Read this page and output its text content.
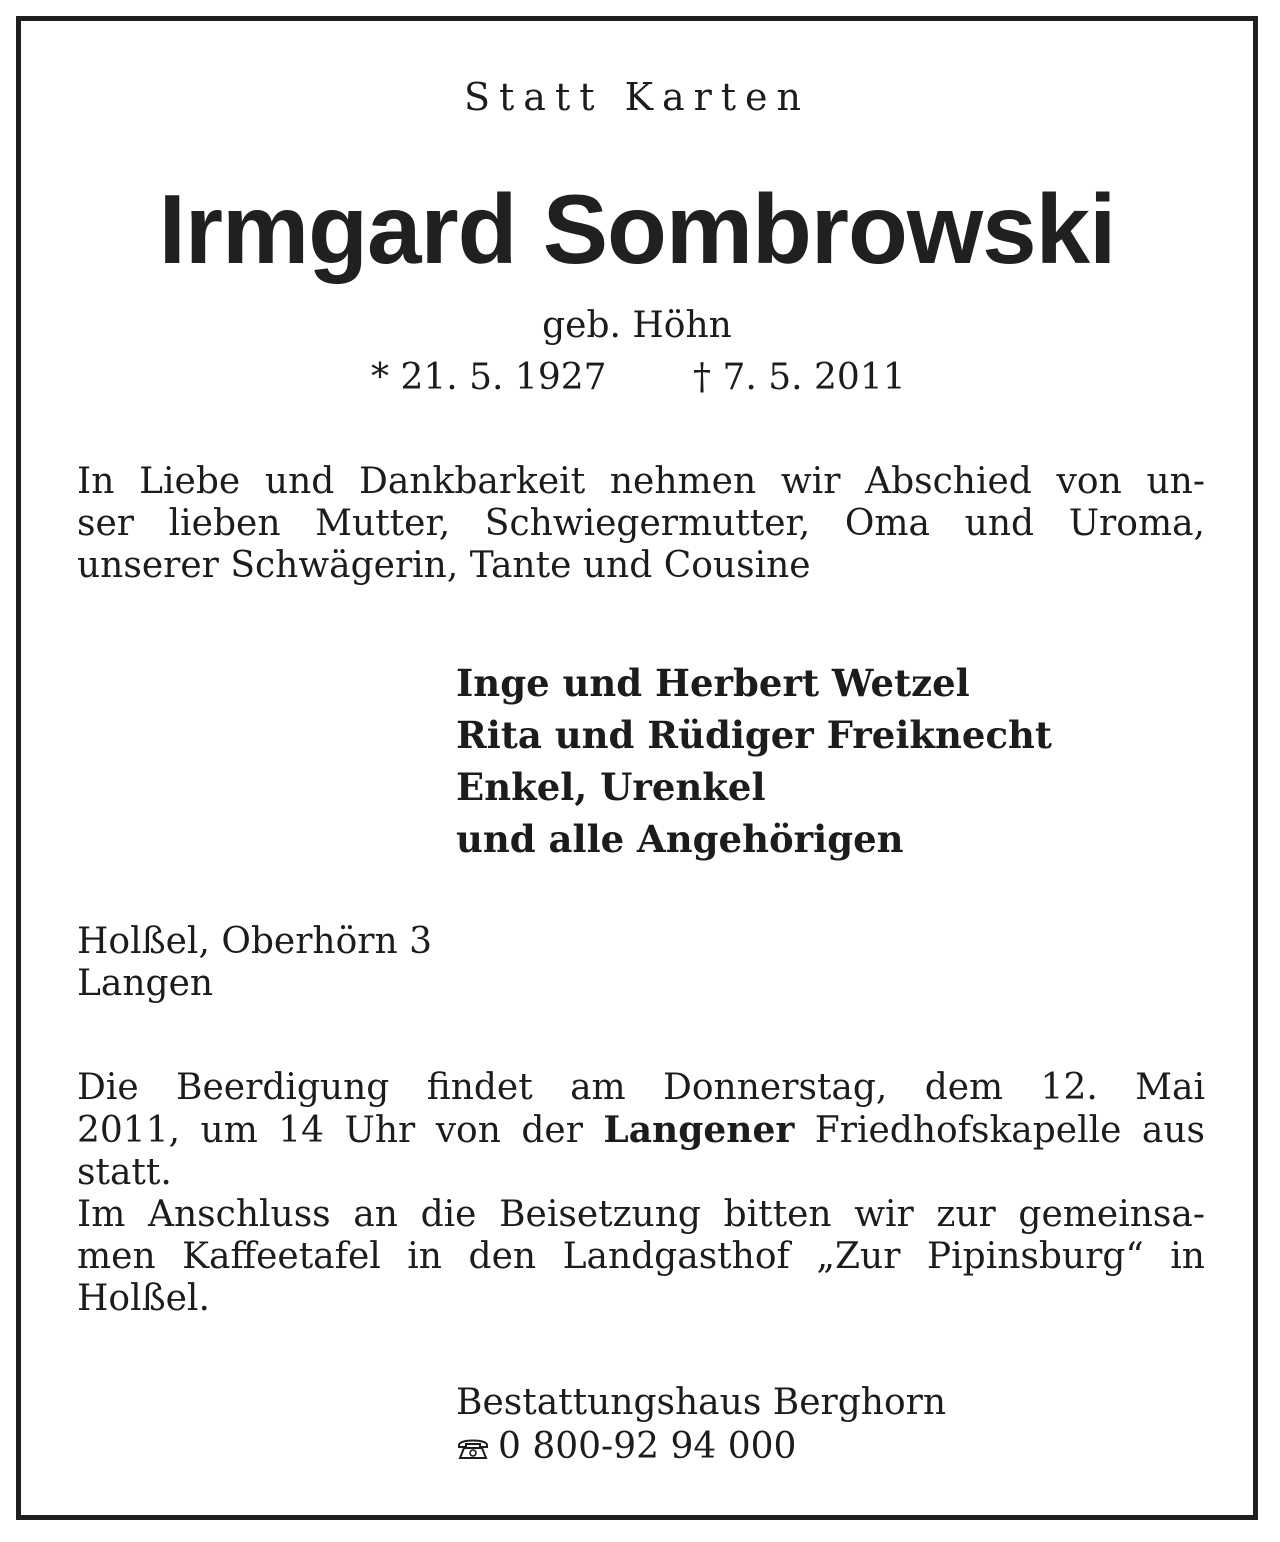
Statt Karten
Irmgard Sombrowski
geb. Höhn
* 21. 5. 1927 † 7. 5. 2011
In Liebe und Dankbarkeit nehmen wir Abschied von un-
ser lieben Mutter, Schwiegermutter, Oma und Uroma,
unserer Schwägerin, Tante und Cousine
Inge und Herbert Wetzel
Rita und Rüdiger Freiknecht
Enkel, Urenkel
und alle Angehörigen
Holßel, Oberhörn 3
Langen
Die Beerdigung findet am Donnerstag, dem 12. Mai
2011, um 14 Uhr von der Langener Friedhofskapelle aus
statt.
Im Anschluss an die Beisetzung bitten wir zur gemeinsa-
men Kaffeetafel in den Landgasthof „Zur Pipinsburg“ in
Holßel.
Bestattungshaus Berghorn
0 800-92 94 000
